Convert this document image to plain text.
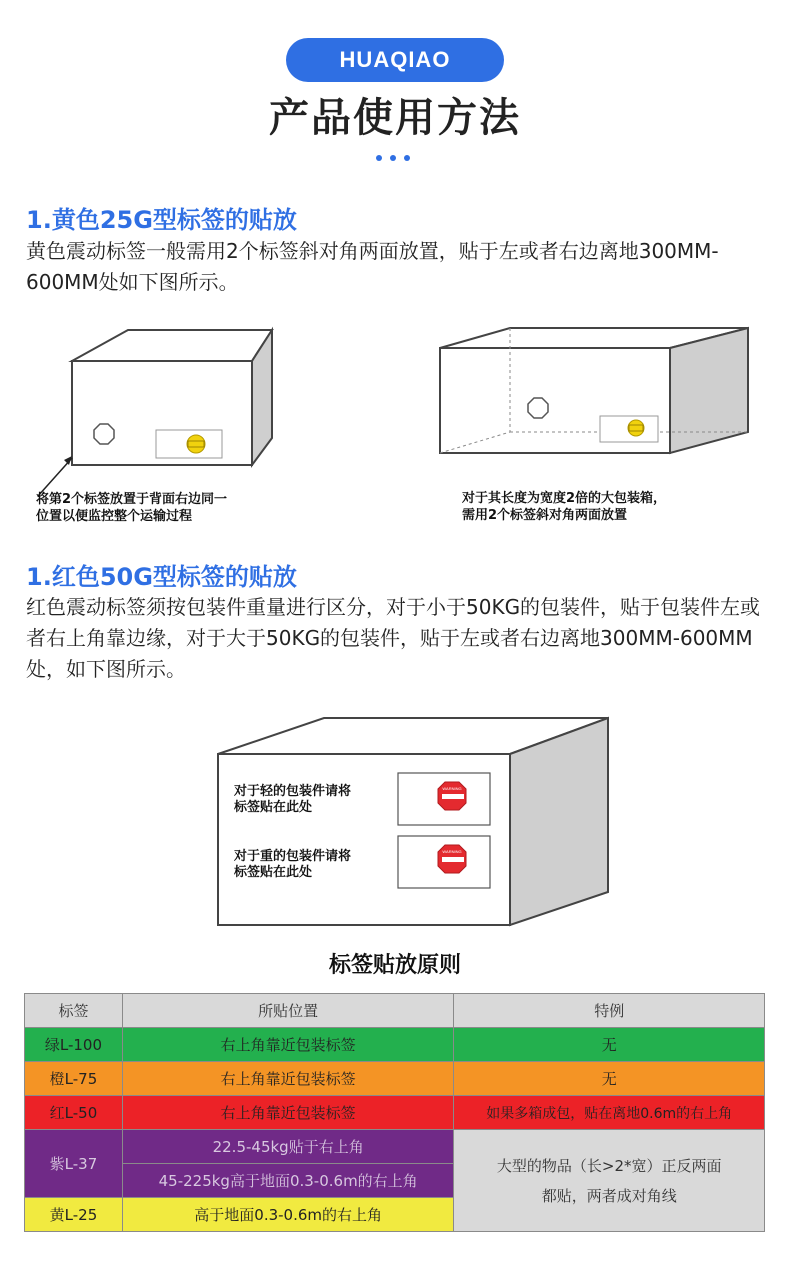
HUAQIAO
产品使用方法
1.黄色25G型标签的贴放
黄色震动标签一般需用2个标签斜对角两面放置，贴于左或者右边离地300MM-600MM处如下图所示。
将第2个标签放置于背面右边同一
位置以便监控整个运输过程
对于其长度为宽度2倍的大包装箱，
需用2个标签斜对角两面放置
1.红色50G型标签的贴放
红色震动标签须按包装件重量进行区分，对于小于50KG的包装件，贴于包装件左或者右上角靠边缘，对于大于50KG的包装件，贴于左或者右边离地300MM-600MM处，如下图所示。
WARNING
WARNING
对于轻的包装件请将
标签贴在此处
对于重的包装件请将
标签贴在此处
标签贴放原则
标签	所贴位置	特例
绿L-100	右上角靠近包装标签	无
橙L-75	右上角靠近包装标签	无
红L-50	右上角靠近包装标签	如果多箱成包，贴在离地0.6m的右上角
紫L-37	22.5-45kg贴于右上角	大型的物品（长>2*宽）正反两面
都贴，两者成对角线

	45-225kg高于地面0.3-0.6m的右上角	
黄L-25	高于地面0.3-0.6m的右上角	
